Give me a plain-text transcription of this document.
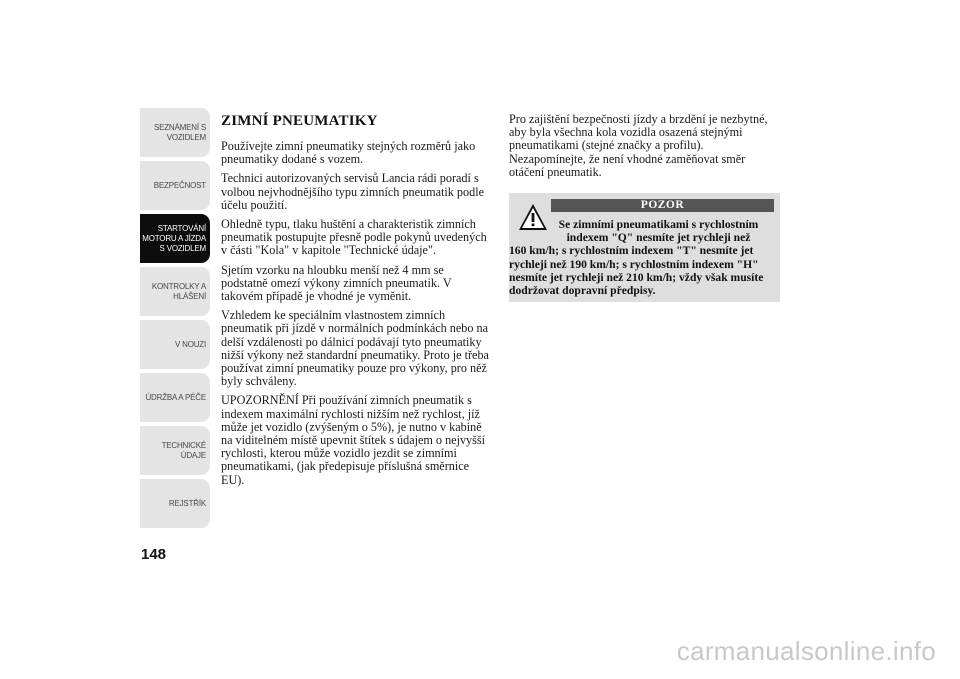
SEZNÁMENÍ S
VOZIDLEM
BEZPEČNOST
STARTOVÁNÍ
MOTORU A JÍZDA
S VOZIDLEM
KONTROLKY A
HLÁŠENÍ
V NOUZI
ÚDRŽBA A PÉČE
TECHNICKÉ
ÚDAJE
REJSTŘÍK
148
ZIMNÍ PNEUMATIKY

Používejte zimní pneumatiky stejných rozměrů jako pneumatiky dodané s vozem.

Technici autorizovaných servisů Lancia rádi poradí s volbou nejvhodnějšího typu zimních pneumatik podle účelu použití.

Ohledně typu, tlaku huštění a charakteristik zimních pneumatik postupujte přesně podle pokynů uvedených v části "Kola" v kapitole "Technické údaje".

Sjetím vzorku na hloubku menší než 4 mm se podstatně omezí výkony zimních pneumatik. V takovém případě je vhodné je vyměnit.

Vzhledem ke speciálním vlastnostem zimních pneumatik při jízdě v normálních podmínkách nebo na delší vzdálenosti po dálnici podávají tyto pneumatiky nižší výkony než standardní pneumatiky. Proto je třeba používat zimní pneumatiky pouze pro výkony, pro něž byly schváleny.

UPOZORNĚNÍ Při používání zimních pneumatik s indexem maximální rychlosti nižším než rychlost, jíž může jet vozidlo (zvýšeným o 5%), je nutno v kabině na viditelném místě upevnit štítek s údajem o nejvyšší rychlosti, kterou může vozidlo jezdit se zimními pneumatikami, (jak předepisuje příslušná směrnice EU).

Pro zajištění bezpečnosti jízdy a brzdění je nezbytné, aby byla všechna kola vozidla osazená stejnými pneumatikami (stejné značky a profilu). Nezapomínejte, že není vhodné zaměňovat směr otáčení pneumatik.

POZOR
Se zimními pneumatikami s rychlostním indexem "Q" nesmíte jet rychleji než
160 km/h; s rychlostním indexem "T" nesmíte jet rychleji než 190 km/h; s rychlostním indexem "H" nesmíte jet rychleji než 210 km/h; vždy však musíte dodržovat dopravní předpisy.
carmanualsonline.info
